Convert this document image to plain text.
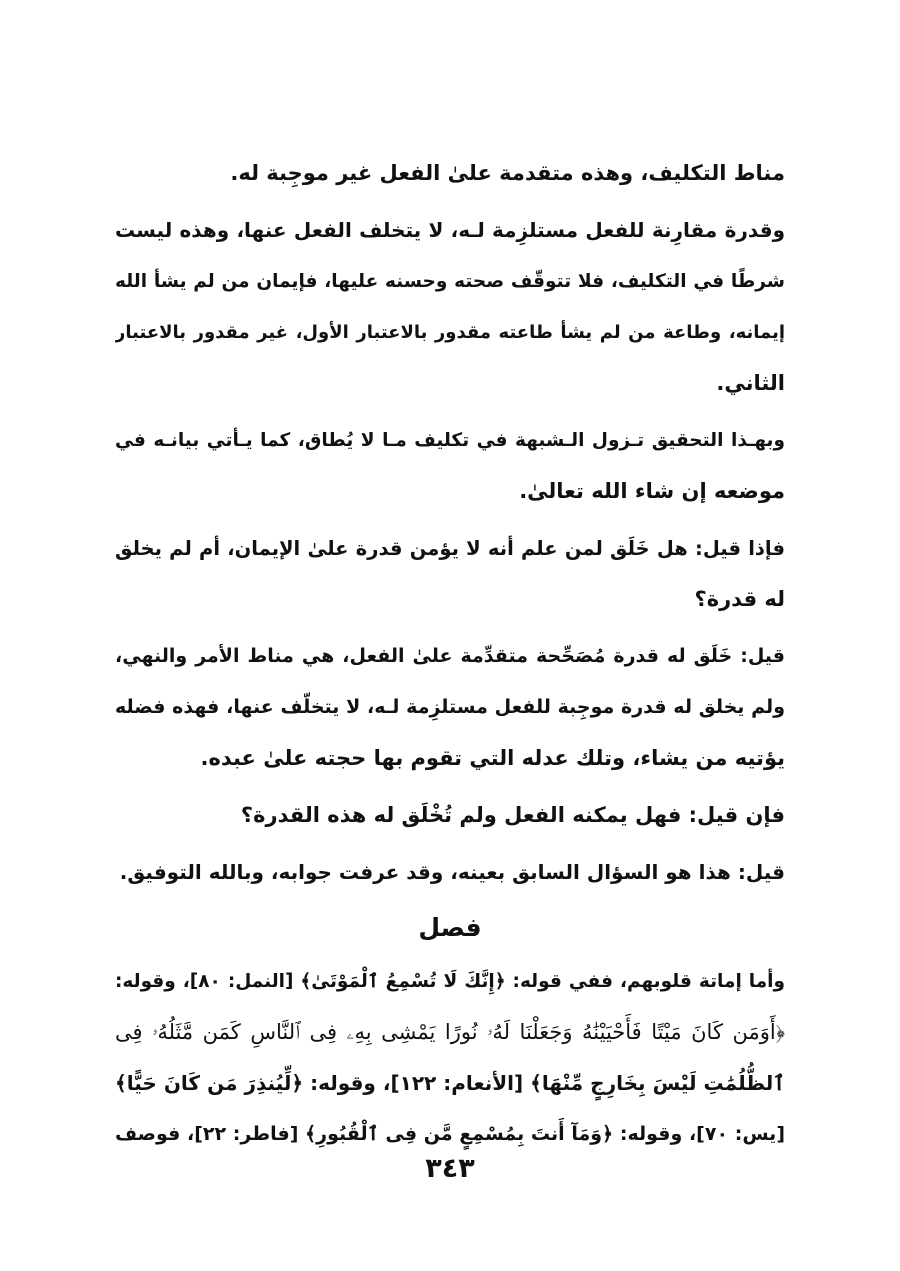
مناط التكليف، وهذه متقدمة علىٰ الفعل غير موجِبة له.
وقدرة مقارِنة للفعل مستلزِمة لـه، لا يتخلف الفعل عنها، وهذه ليست
شرطًا في التكليف، فلا تتوقّف صحته وحسنه عليها، فإيمان من لم يشأ الله
إيمانه، وطاعة من لم يشأ طاعته مقدور بالاعتبار الأول، غير مقدور بالاعتبار
الثاني.
وبهـذا التحقيق تـزول الـشبهة في تكليف مـا لا يُطاق، كما يـأتي بيانـه في
موضعه إن شاء الله تعالىٰ.
فإذا قيل: هل خَلَق لمن علم أنه لا يؤمن قدرة علىٰ الإيمان، أم لم يخلق
له قدرة؟
قيل: خَلَق له قدرة مُصَحِّحة متقدِّمة علىٰ الفعل، هي مناط الأمر والنهي،
ولم يخلق له قدرة موجِبة للفعل مستلزِمة لـه، لا يتخلّف عنها، فهذه فضله
يؤتيه من يشاء، وتلك عدله التي تقوم بها حجته علىٰ عبده.
فإن قيل: فهل يمكنه الفعل ولم تُخْلَق له هذه القدرة؟
قيل: هذا هو السؤال السابق بعينه، وقد عرفت جوابه، وبالله التوفيق.
فصل
وأما إماتة قلوبهم، ففي قوله: ﴿إِنَّكَ لَا تُسْمِعُ ٱلْمَوْتَىٰ﴾ [النمل: ٨٠]، وقوله:
﴿أَوَمَن كَانَ مَيْتًا فَأَحْيَيْنَٰهُ وَجَعَلْنَا لَهُۥ نُورًا يَمْشِى بِهِۦ فِى ٱلنَّاسِ كَمَن مَّثَلُهُۥ فِى
ٱلظُّلُمَٰتِ لَيْسَ بِخَارِجٍ مِّنْهَا﴾ [الأنعام: ١٢٢]، وقوله: ﴿لِّيُنذِرَ مَن كَانَ حَيًّا﴾
[يس: ٧٠]، وقوله: ﴿وَمَآ أَنتَ بِمُسْمِعٍ مَّن فِى ٱلْقُبُورِ﴾ [فاطر: ٢٢]، فوصف
٣٤٣
